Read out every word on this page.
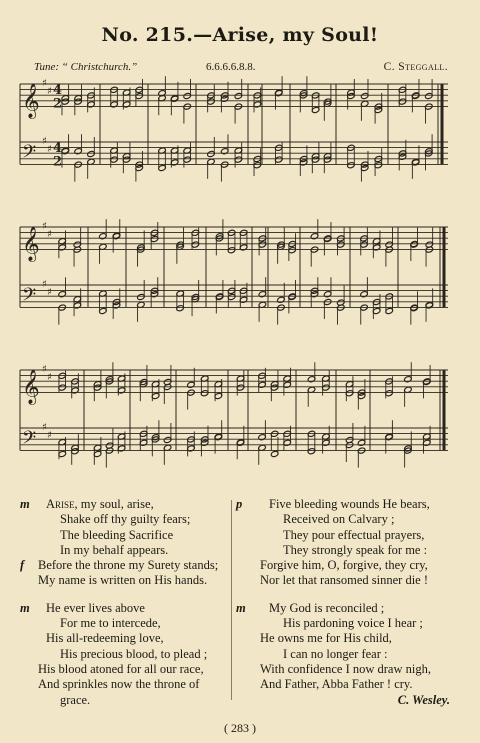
No. 215.—Arise, my Soul!
Tune: “ Christchurch.”	6.6.6.6.8.8.	C. Steggall.
𝄞 ♯
♯ 4
2
𝄢
♯
♯ 4
2
𝄞 ♯
♯
𝄢
♯
♯
𝄞 ♯
♯
𝄢
♯
♯
m Arise, my soul, arise,
Shake off thy guilty fears;
The bleeding Sacrifice
In my behalf appears.
f Before the throne my Surety stands;
My name is written on His hands.
m He ever lives above
For me to intercede,
His all-redeeming love,
His precious blood, to plead ;
His blood atoned for all our race,
And sprinkles now the throne of
grace.
p Five bleeding wounds He bears,
Received on Calvary ;
They pour effectual prayers,
They strongly speak for me :
Forgive him, O, forgive, they cry,
Nor let that ransomed sinner die !
m My God is reconciled ;
His pardoning voice I hear ;
He owns me for His child,
I can no longer fear :
With confidence I now draw nigh,
And Father, Abba Father ! cry.
C. Wesley.
( 283 )
